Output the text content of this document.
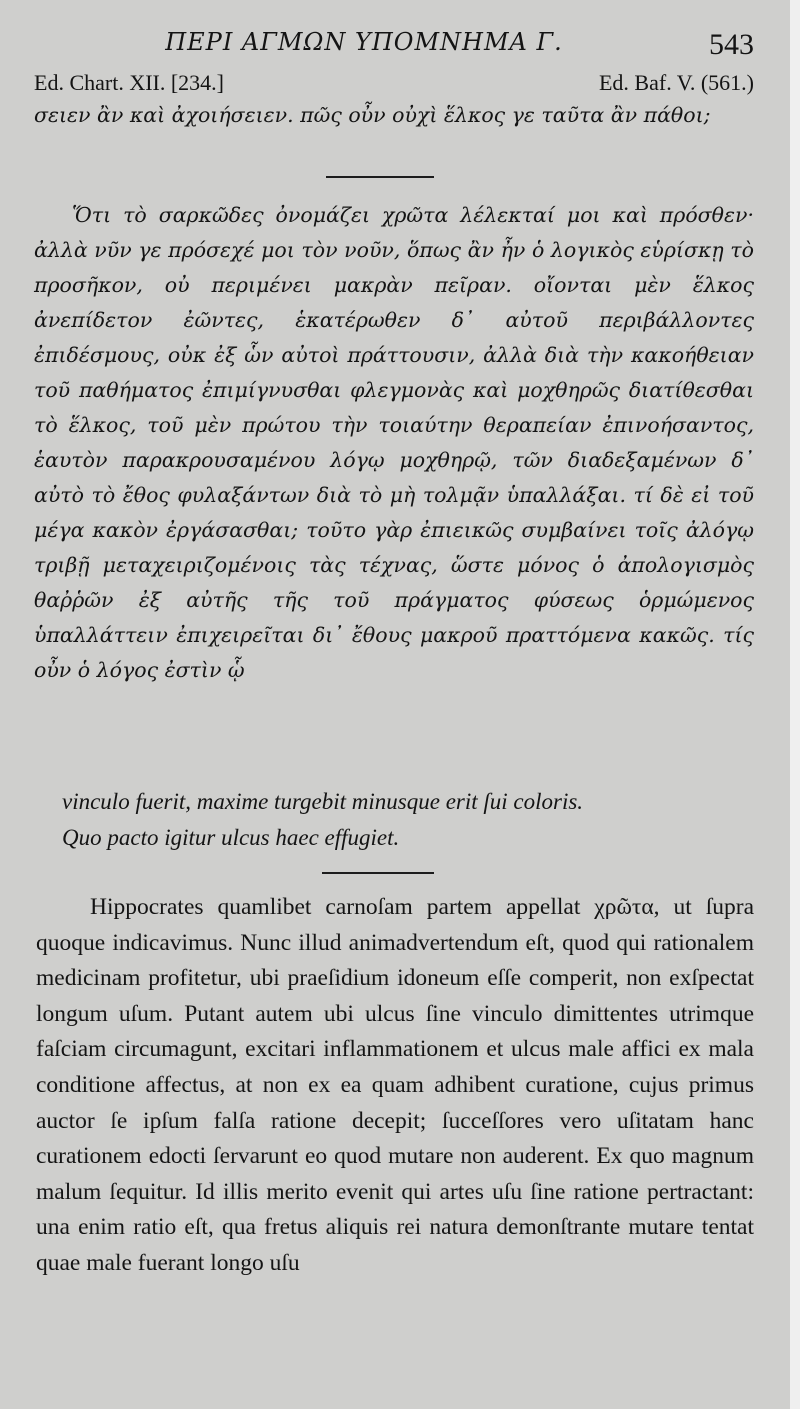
ΠΕΡΙ ΑΓΜΩΝ ΥΠΟΜΝΗΜΑ Γ.	543
Ed. Chart. XII. [234.]	Ed. Baf. V. (561.)
σειεν ἂν καὶ ἀχοιήσειεν. πῶς οὖν οὐχὶ ἕλκος γε ταῦτα ἂν πάθοι;
Ὅτι τὸ σαρκῶδες ὀνομάζει χρῶτα λέλεκταί μοι καὶ πρόσθεν· ἀλλὰ νῦν γε πρόσεχέ μοι τὸν νοῦν, ὅπως ἂν ἦν ὁ λογικὸς εὑρίσκῃ τὸ προσῆκον, οὐ περιμένει μακρὰν πεῖραν. οἴονται μὲν ἕλκος ἀνεπίδετον ἐῶντες, ἑκατέρωθεν δ᾽ αὐτοῦ περιβάλλοντες ἐπιδέσμους, οὐκ ἐξ ὧν αὐτοὶ πράττουσιν, ἀλλὰ διὰ τὴν κακοήθειαν τοῦ παθήματος ἐπιμίγνυσθαι φλεγμονὰς καὶ μοχθηρῶς διατίθεσθαι τὸ ἕλκος, τοῦ μὲν πρώτου τὴν τοιαύτην θεραπείαν ἐπινοήσαντος, ἑαυτὸν παρακρουσαμένου λόγῳ μοχθηρῷ, τῶν διαδεξαμένων δ᾽ αὐτὸ τὸ ἔθος φυλαξάντων διὰ τὸ μὴ τολμᾷν ὑπαλλάξαι. τί δὲ εἰ τοῦ μέγα κακὸν ἐργάσασθαι; τοῦτο γὰρ ἐπιεικῶς συμβαίνει τοῖς ἀλόγῳ τριβῇ μεταχειριζομένοις τὰς τέχνας, ὥστε μόνος ὁ ἀπολογισμὸς θαῤῥῶν ἐξ αὐτῆς τῆς τοῦ πράγματος φύσεως ὁρμώμενος ὑπαλλάττειν ἐπιχειρεῖται δι᾽ ἔθους μακροῦ πραττόμενα κακῶς. τίς οὖν ὁ λόγος ἐστὶν ᾧ
vinculo fuerit, maxime turgebit minusque erit ſui coloris.
Quo pacto igitur ulcus haec effugiet.
Hippocrates quamlibet carnoſam partem appellat χρῶτα, ut ſupra quoque indicavimus. Nunc illud animadvertendum eſt, quod qui rationalem medicinam profitetur, ubi praeſidium idoneum eſſe comperit, non exſpectat longum uſum. Putant autem ubi ulcus ſine vinculo dimittentes utrimque faſciam circumagunt, excitari inflammationem et ulcus male affici ex mala conditione affectus, at non ex ea quam adhibent curatione, cujus primus auctor ſe ipſum falſa ratione decepit; ſucceſſores vero uſitatam hanc curationem edocti ſervarunt eo quod mutare non auderent. Ex quo magnum malum ſequitur. Id illis merito evenit qui artes uſu ſine ratione pertractant: una enim ratio eſt, qua fretus aliquis rei natura demonſtrante mutare tentat quae male fuerant longo uſu
